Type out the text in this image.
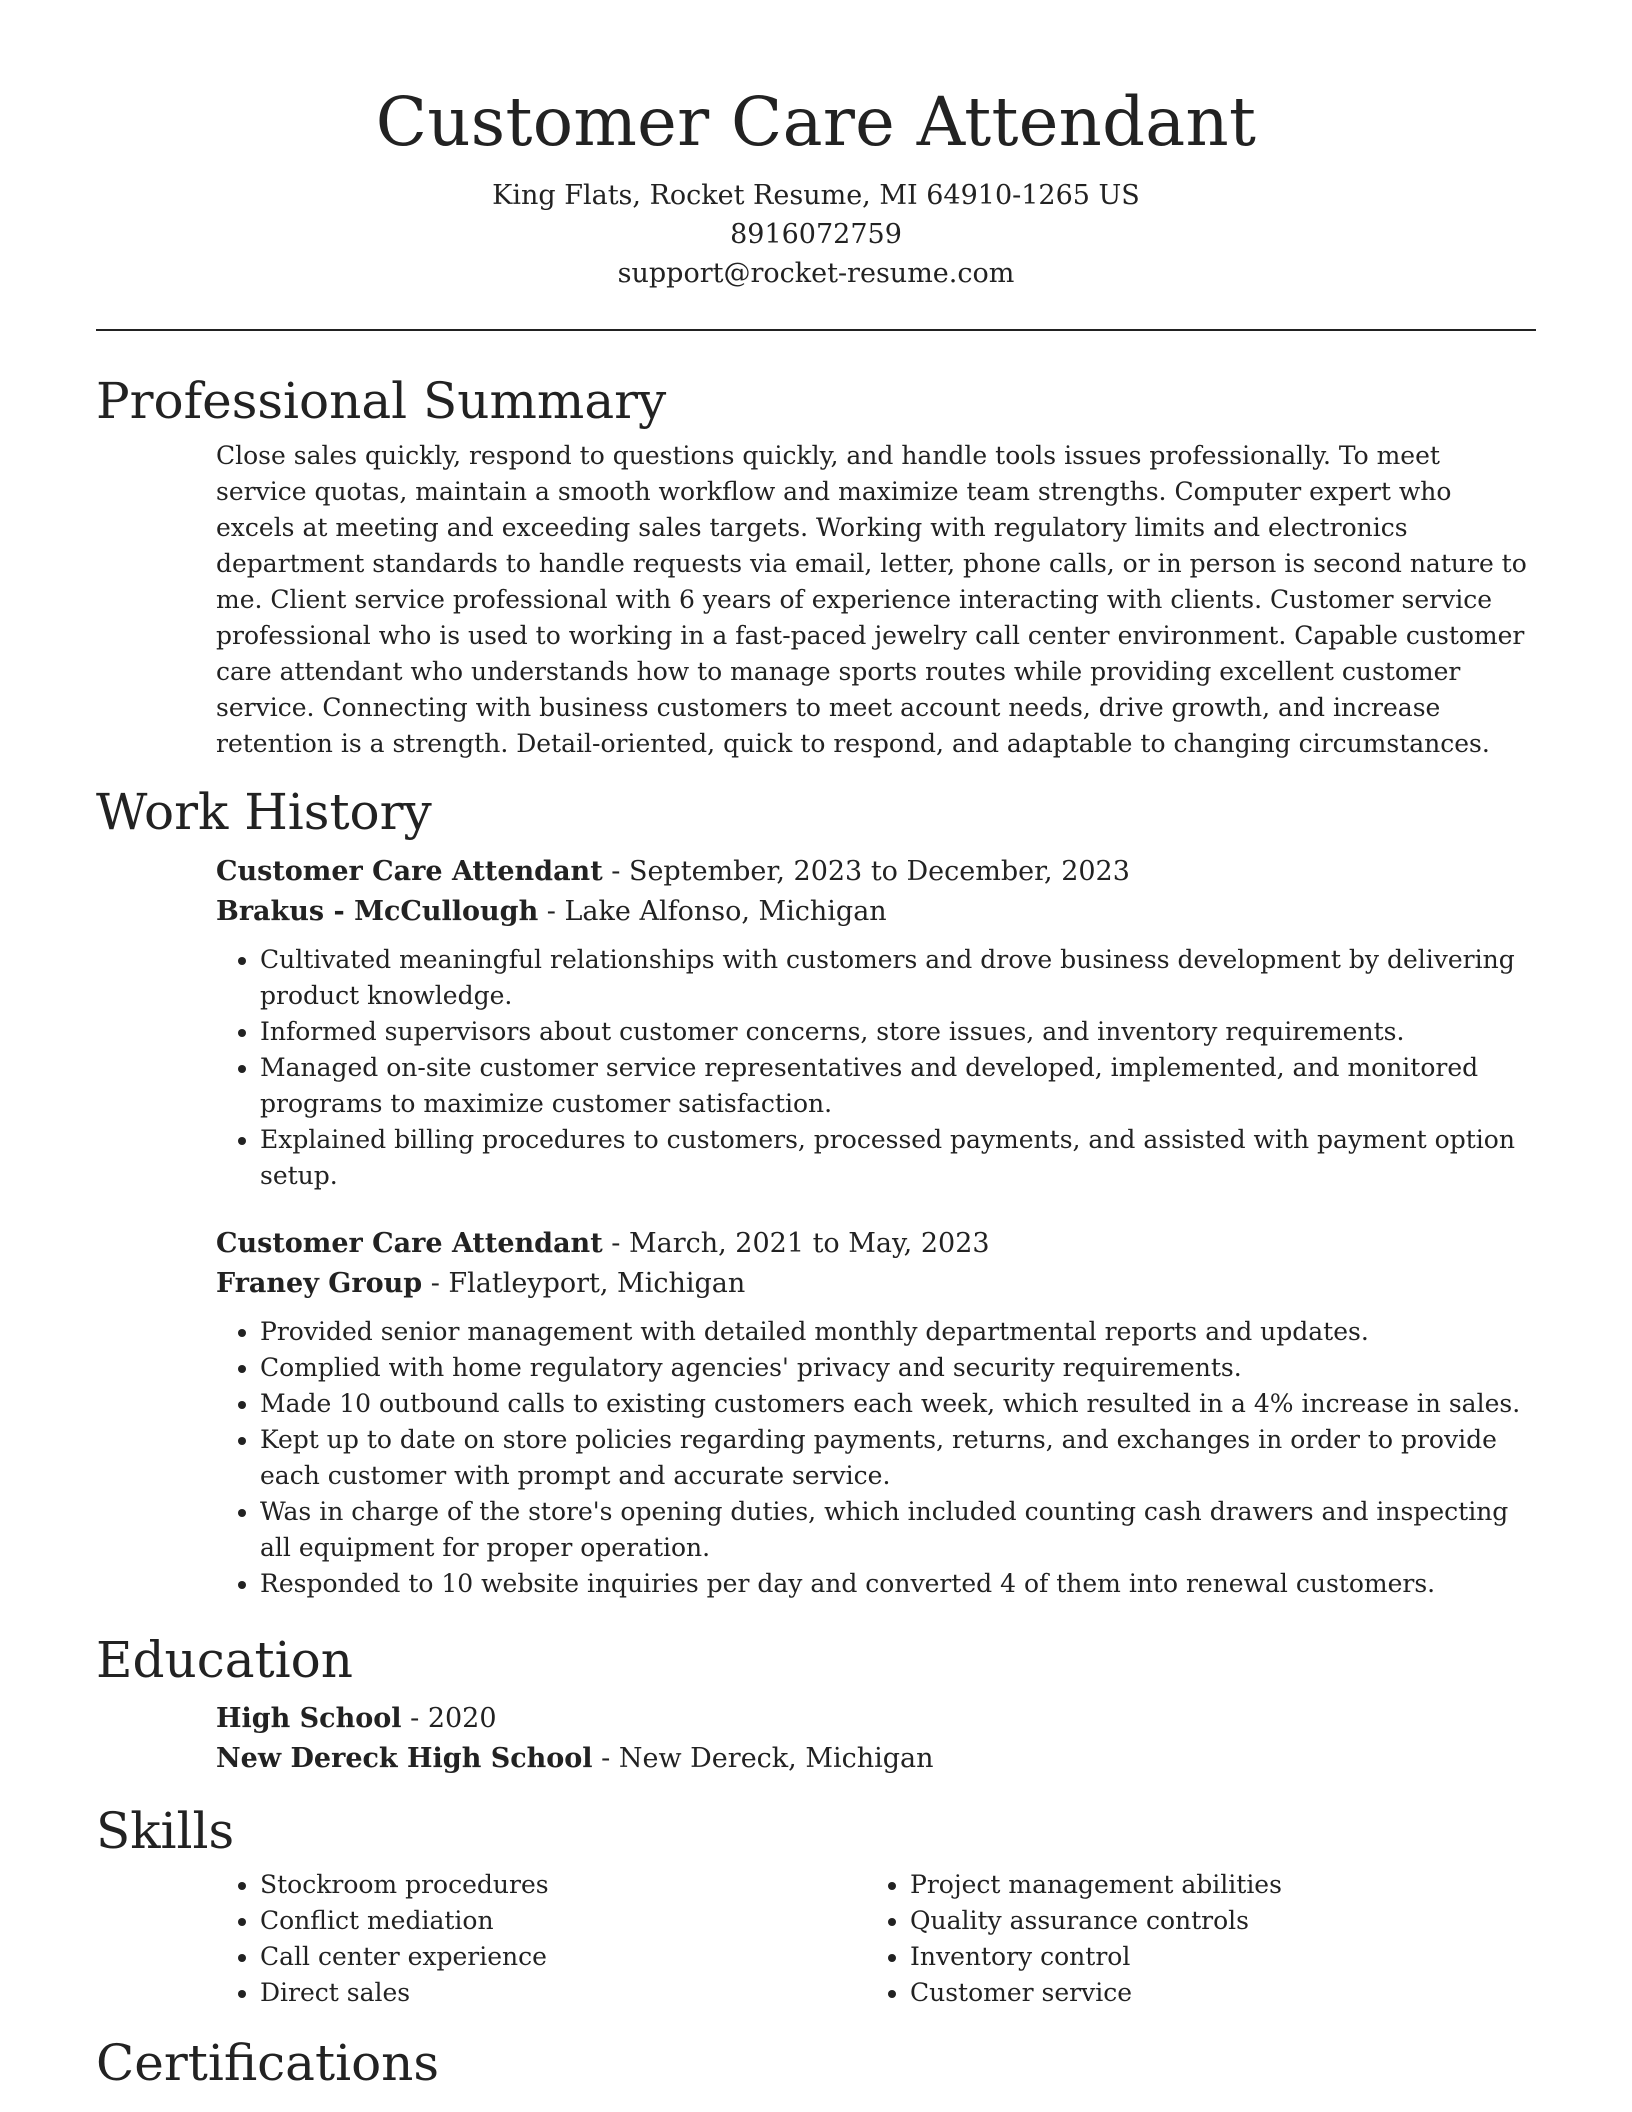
Customer Care Attendant

King Flats, Rocket Resume, MI 64910-1265 US

8916072759

support@rocket-resume.com

Professional Summary

Close sales quickly, respond to questions quickly, and handle tools issues professionally. To meet service quotas, maintain a smooth workflow and maximize team strengths. Computer expert who excels at meeting and exceeding sales targets. Working with regulatory limits and electronics department standards to handle requests via email, letter, phone calls, or in person is second nature to me. Client service professional with 6 years of experience interacting with clients. Customer service professional who is used to working in a fast-paced jewelry call center environment. Capable customer care attendant who understands how to manage sports routes while providing excellent customer service. Connecting with business customers to meet account needs, drive growth, and increase retention is a strength. Detail-oriented, quick to respond, and adaptable to changing circumstances.

Work History

Customer Care Attendant - September, 2023 to December, 2023

Brakus - McCullough - Lake Alfonso, Michigan

• Cultivated meaningful relationships with customers and drove business development by delivering product knowledge.
• Informed supervisors about customer concerns, store issues, and inventory requirements.
• Managed on-site customer service representatives and developed, implemented, and monitored programs to maximize customer satisfaction.
• Explained billing procedures to customers, processed payments, and assisted with payment option setup.

Customer Care Attendant - March, 2021 to May, 2023

Franey Group - Flatleyport, Michigan

• Provided senior management with detailed monthly departmental reports and updates.
• Complied with home regulatory agencies' privacy and security requirements.
• Made 10 outbound calls to existing customers each week, which resulted in a 4% increase in sales.
• Kept up to date on store policies regarding payments, returns, and exchanges in order to provide each customer with prompt and accurate service.
• Was in charge of the store's opening duties, which included counting cash drawers and inspecting all equipment for proper operation.
• Responded to 10 website inquiries per day and converted 4 of them into renewal customers.
Education

High School - 2020

New Dereck High School - New Dereck, Michigan

Skills
• Stockroom procedures
• Conflict mediation
• Call center experience
• Direct sales
• Project management abilities
• Quality assurance controls
• Inventory control
• Customer service
Certifications
